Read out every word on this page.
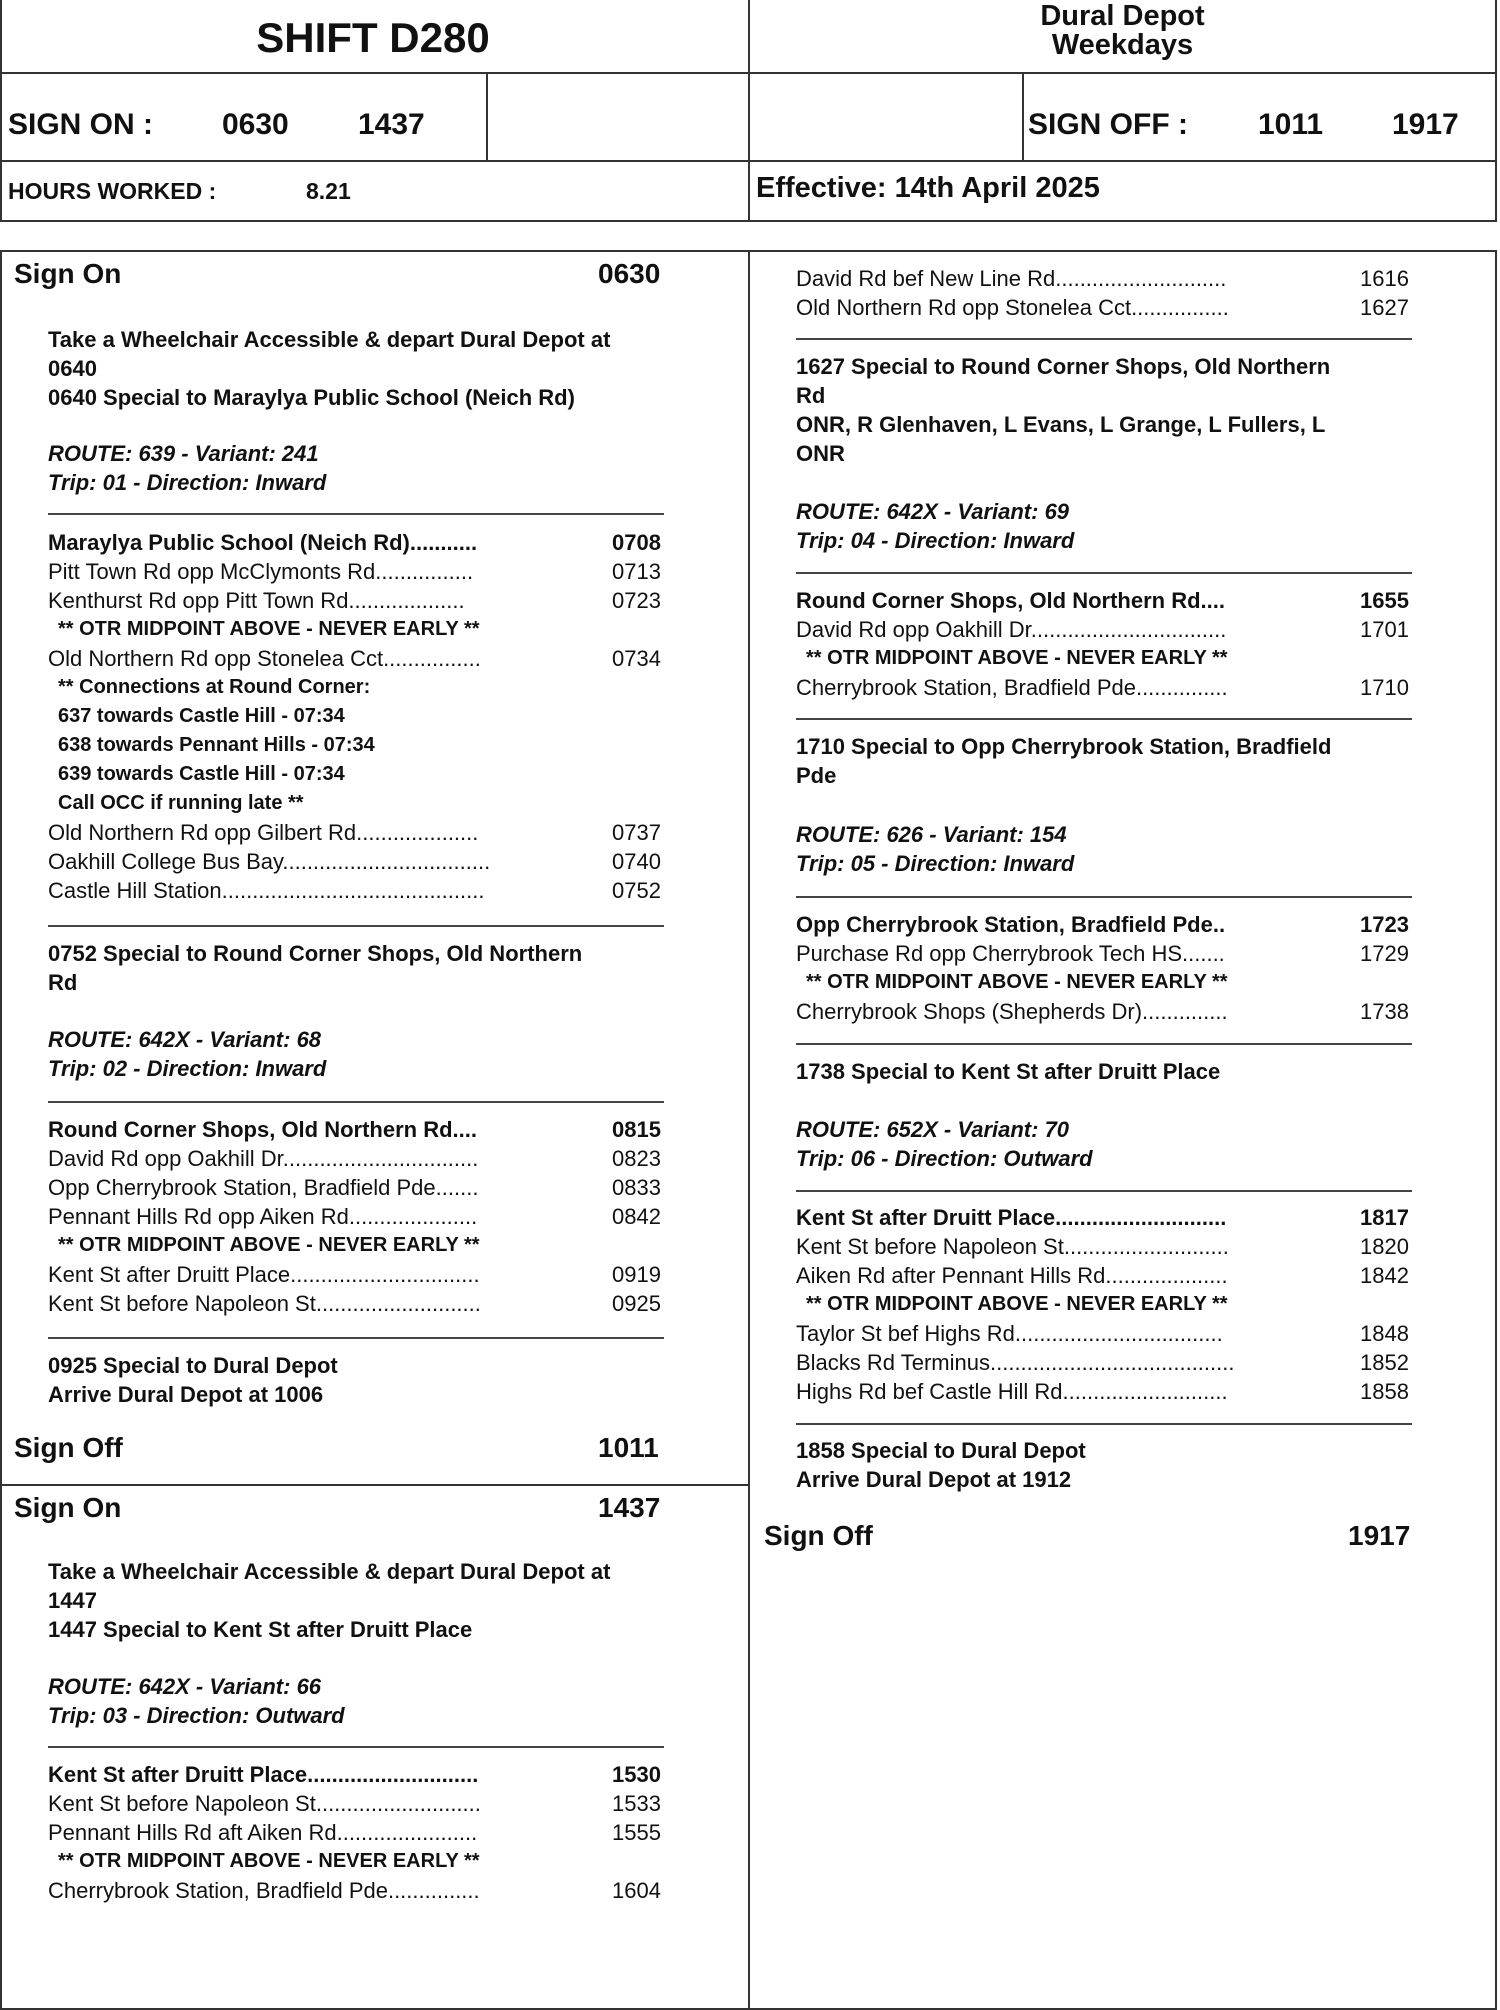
SHIFT D280	Dural Depot
Weekdays
SIGN ON : 0630 1437	SIGN OFF : 1011 1917
HOURS WORKED :	8.21	Effective: 14th April 2025
Sign On	0630
Take a Wheelchair Accessible & depart Dural Depot at
0640
0640 Special to Maraylya Public School (Neich Rd)
ROUTE: 639 - Variant: 241
Trip: 01 - Direction: Inward
Maraylya Public School (Neich Rd)...........	0708
Pitt Town Rd opp McClymonts Rd................	0713
Kenthurst Rd opp Pitt Town Rd...................	0723
** OTR MIDPOINT ABOVE - NEVER EARLY **
Old Northern Rd opp Stonelea Cct................	0734
** Connections at Round Corner:
637 towards Castle Hill - 07:34
638 towards Pennant Hills - 07:34
639 towards Castle Hill - 07:34
Call OCC if running late **
Old Northern Rd opp Gilbert Rd....................	0737
Oakhill College Bus Bay..................................	0740
Castle Hill Station...........................................	0752
0752 Special to Round Corner Shops, Old Northern
Rd
ROUTE: 642X - Variant: 68
Trip: 02 - Direction: Inward
Round Corner Shops, Old Northern Rd....	0815
David Rd opp Oakhill Dr................................	0823
Opp Cherrybrook Station, Bradfield Pde.......	0833
Pennant Hills Rd opp Aiken Rd.....................	0842
** OTR MIDPOINT ABOVE - NEVER EARLY **
Kent St after Druitt Place...............................	0919
Kent St before Napoleon St...........................	0925
0925 Special to Dural Depot
Arrive Dural Depot at 1006
Sign Off	1011
Sign On	1437
Take a Wheelchair Accessible & depart Dural Depot at
1447
1447 Special to Kent St after Druitt Place
ROUTE: 642X - Variant: 66
Trip: 03 - Direction: Outward
Kent St after Druitt Place............................	1530
Kent St before Napoleon St...........................	1533
Pennant Hills Rd aft Aiken Rd.......................	1555
** OTR MIDPOINT ABOVE - NEVER EARLY **
Cherrybrook Station, Bradfield Pde...............	1604
David Rd bef New Line Rd............................	1616
Old Northern Rd opp Stonelea Cct................	1627
1627 Special to Round Corner Shops, Old Northern
Rd
ONR, R Glenhaven, L Evans, L Grange, L Fullers, L
ONR
ROUTE: 642X - Variant: 69
Trip: 04 - Direction: Inward
Round Corner Shops, Old Northern Rd....	1655
David Rd opp Oakhill Dr................................	1701
** OTR MIDPOINT ABOVE - NEVER EARLY **
Cherrybrook Station, Bradfield Pde...............	1710
1710 Special to Opp Cherrybrook Station, Bradfield
Pde
ROUTE: 626 - Variant: 154
Trip: 05 - Direction: Inward
Opp Cherrybrook Station, Bradfield Pde..	1723
Purchase Rd opp Cherrybrook Tech HS.......	1729
** OTR MIDPOINT ABOVE - NEVER EARLY **
Cherrybrook Shops (Shepherds Dr)..............	1738
1738 Special to Kent St after Druitt Place
ROUTE: 652X - Variant: 70
Trip: 06 - Direction: Outward
Kent St after Druitt Place............................	1817
Kent St before Napoleon St...........................	1820
Aiken Rd after Pennant Hills Rd....................	1842
** OTR MIDPOINT ABOVE - NEVER EARLY **
Taylor St bef Highs Rd..................................	1848
Blacks Rd Terminus........................................	1852
Highs Rd bef Castle Hill Rd...........................	1858
1858 Special to Dural Depot
Arrive Dural Depot at 1912
Sign Off	1917
